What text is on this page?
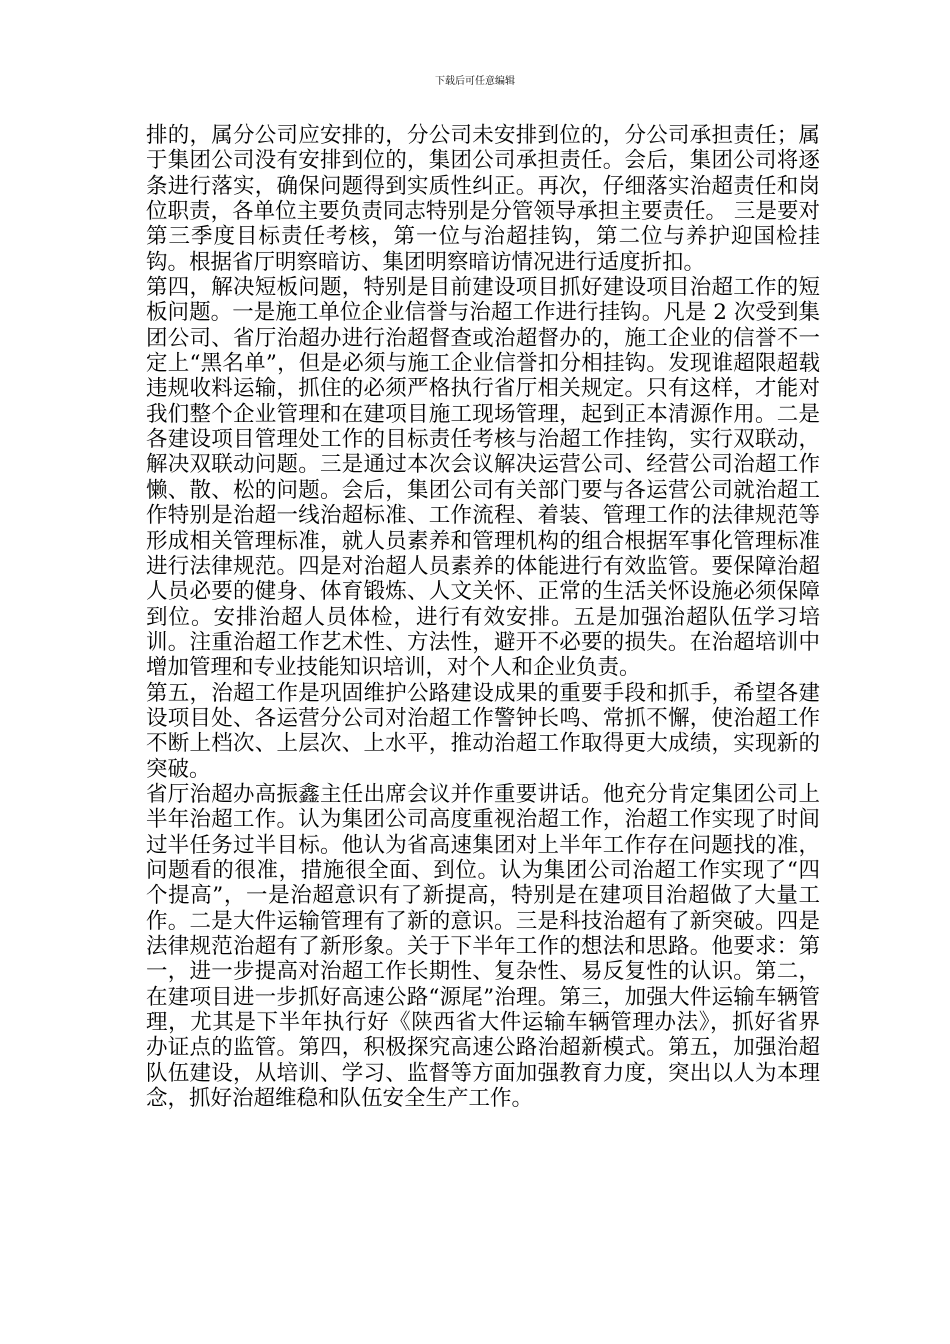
下载后可任意编辑

排的，属分公司应安排的，分公司未安排到位的，分公司承担责任；属于集团公司没有安排到位的，集团公司承担责任。会后，集团公司将逐条进行落实，确保问题得到实质性纠正。再次，仔细落实治超责任和岗位职责，各单位主要负责同志特别是分管领导承担主要责任。 三是要对第三季度目标责任考核，第一位与治超挂钩，第二位与养护迎国检挂钩。根据省厅明察暗访、集团明察暗访情况进行适度折扣。

第四，解决短板问题，特别是目前建设项目抓好建设项目治超工作的短板问题。一是施工单位企业信誉与治超工作进行挂钩。凡是 2 次受到集团公司、省厅治超办进行治超督查或治超督办的，施工企业的信誉不一定上“黑名单”，但是必须与施工企业信誉扣分相挂钩。发现谁超限超载违规收料运输，抓住的必须严格执行省厅相关规定。只有这样，才能对我们整个企业管理和在建项目施工现场管理，起到正本清源作用。二是各建设项目管理处工作的目标责任考核与治超工作挂钩，实行双联动，解决双联动问题。三是通过本次会议解决运营公司、经营公司治超工作懒、散、松的问题。会后，集团公司有关部门要与各运营公司就治超工作特别是治超一线治超标准、工作流程、着装、管理工作的法律规范等形成相关管理标准，就人员素养和管理机构的组合根据军事化管理标准进行法律规范。四是对治超人员素养的体能进行有效监管。要保障治超人员必要的健身、体育锻炼、人文关怀、正常的生活关怀设施必须保障到位。安排治超人员体检，进行有效安排。五是加强治超队伍学习培训。注重治超工作艺术性、方法性，避开不必要的损失。在治超培训中增加管理和专业技能知识培训，对个人和企业负责。

第五，治超工作是巩固维护公路建设成果的重要手段和抓手，希望各建设项目处、各运营分公司对治超工作警钟长鸣、常抓不懈，使治超工作不断上档次、上层次、上水平，推动治超工作取得更大成绩，实现新的突破。

省厅治超办高振鑫主任出席会议并作重要讲话。他充分肯定集团公司上半年治超工作。认为集团公司高度重视治超工作，治超工作实现了时间过半任务过半目标。他认为省高速集团对上半年工作存在问题找的准，问题看的很准，措施很全面、到位。认为集团公司治超工作实现了“四个提高”，一是治超意识有了新提高，特别是在建项目治超做了大量工作。二是大件运输管理有了新的意识。三是科技治超有了新突破。四是法律规范治超有了新形象。关于下半年工作的想法和思路。他要求：第一，进一步提高对治超工作长期性、复杂性、易反复性的认识。第二，在建项目进一步抓好高速公路“源尾”治理。第三，加强大件运输车辆管理，尤其是下半年执行好《陕西省大件运输车辆管理办法》，抓好省界办证点的监管。第四，积极探究高速公路治超新模式。第五，加强治超队伍建设，从培训、学习、监督等方面加强教育力度，突出以人为本理念，抓好治超维稳和队伍安全生产工作。
